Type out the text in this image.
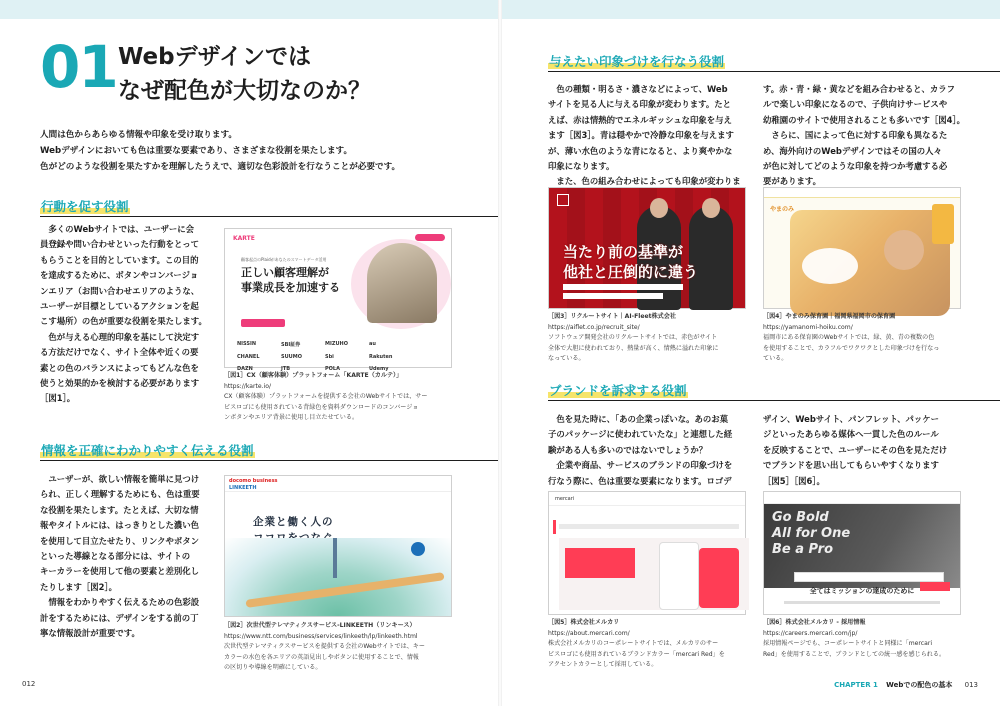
01 Webデザインでは
なぜ配色が大切なのか？
人間は色からあらゆる情報や印象を受け取ります。
Webデザインにおいても色は重要な要素であり、さまざまな役割を果たします。
色がどのような役割を果たすかを理解したうえで、適切な色彩設計を行なうことが必要です。
行動を促す役割
　多くのWebサイトでは、ユーザーに会
員登録や問い合わせといった行動をとって
もらうことを目的としています。この目的
を達成するために、ボタンやコンバージョ
ンエリア（お問い合わせエリアのような、
ユーザーが目標としているアクションを起
こす場所）の色が重要な役割を果たします。
　色が与える心理的印象を基にして決定す
る方法だけでなく、サイト全体や近くの要
素との色のバランスによってもどんな色を
使うと効果的かを検討する必要があります
［図1］。
KARTE
顧客起点のPlaidがあなたのスマートデータ活用
正しい顧客理解が
事業成長を加速する
NISSIN	SBI証券	MIZUHO	au
CHANEL	SUUMO	Sbi	Rakuten
DAZN	JTB	POLA	Udemy
［図1］CX（顧客体験）プラットフォーム「KARTE（カルテ）」
https://karte.io/
CX（顧客体験）プラットフォームを提供する会社のWebサイトでは、サー
ビスロゴにも使用されている背緑色を資料ダウンロードのコンバージョ
ンボタンやエリア背景に使用し目立たせている。
情報を正確にわかりやすく伝える役割
　ユーザーが、欲しい情報を簡単に見つけ
られ、正しく理解するためにも、色は重要
な役割を果たします。たとえば、大切な情
報やタイトルには、はっきりとした濃い色
を使用して目立たせたり、リンクやボタン
といった導線となる部分には、サイトの
キーカラーを使用して他の要素と差別化し
たりします［図2］。
　情報をわかりやすく伝えるための色彩設
計をするためには、デザインをする前の丁
寧な情報設計が重要です。
docomo business
LINKEETH
企業と働く人の
［図2］次世代型テレマティクスサービス-LINKEETH（リンキース）
https://www.ntt.com/business/services/linkeeth/lp/linkeeth.html
次世代型テレマティクスサービスを提供する会社のWebサイトでは、キー
カラーの水色を各エリアの英語見出しやボタンに使用することで、情報
の区切りや導線を明確にしている。
012
与えたい印象づけを行なう役割
　色の種類・明るさ・濃さなどによって、Web
サイトを見る人に与える印象が変わります。たと
えば、赤は情熱的でエネルギッシュな印象を与え
ます［図3］。青は穏やかで冷静な印象を与えます
が、薄い水色のような青になると、より爽やかな
印象になります。
　また、色の組み合わせによっても印象が変わりま
す。赤・青・緑・黄などを組み合わせると、カラフ
ルで楽しい印象になるので、子供向けサービスや
幼稚園のサイトで使用されることも多いです［図4］。
　さらに、国によって色に対する印象も異なるた
め、海外向けのWebデザインではその国の人々
が色に対してどのような印象を持つか考慮する必
要があります。
当たり前の基準が
他社と圧倒的に違う
［図3］リクルートサイト｜AI-Fleet株式会社
https://aiflet.co.jp/recruit_site/
ソフトウェア開発会社のリクルートサイトでは、赤色がサイト
全体で大胆に使われており、熱量が高く、情熱に溢れた印象に
なっている。
やまのみ
［図4］やまのみ保育園｜福岡県福岡市の保育園
https://yamanomi-hoiku.com/
福岡市にある保育園のWebサイトでは、緑、黄、青の複数の色
を使用することで、カラフルでワクワクとした印象づけを行なっ
ている。
ブランドを訴求する役割
　色を見た時に、「あの企業っぽいな。あのお菓
子のパッケージに使われていたな」と連想した経
験がある人も多いのではないでしょうか？
　企業や商品、サービスのブランドの印象づけを
行なう際に、色は重要な要素になります。ロゴデ
ザイン、Webサイト、パンフレット、パッケー
ジといったあらゆる媒体へ一貫した色のルール
を反映することで、ユーザーにその色を見ただけ
でブランドを思い出してもらいやすくなります
［図5］［図6］。
mercari
［図5］株式会社メルカリ
https://about.mercari.com/
株式会社メルカリのコーポレートサイトでは、メルカリのサー
ビスロゴにも使用されているブランドカラー「mercari Red」を
アクセントカラーとして採用している。
Go Bold
All for One
Be a Pro
全てはミッションの達成のために
［図6］株式会社メルカリ - 採用情報
https://careers.mercari.com/jp/
採用情報ページでも、コーポレートサイトと同様に「mercari
Red」を使用することで、ブランドとしての統一感を感じられる。
CHAPTER 1 Webでの配色の基本 013
